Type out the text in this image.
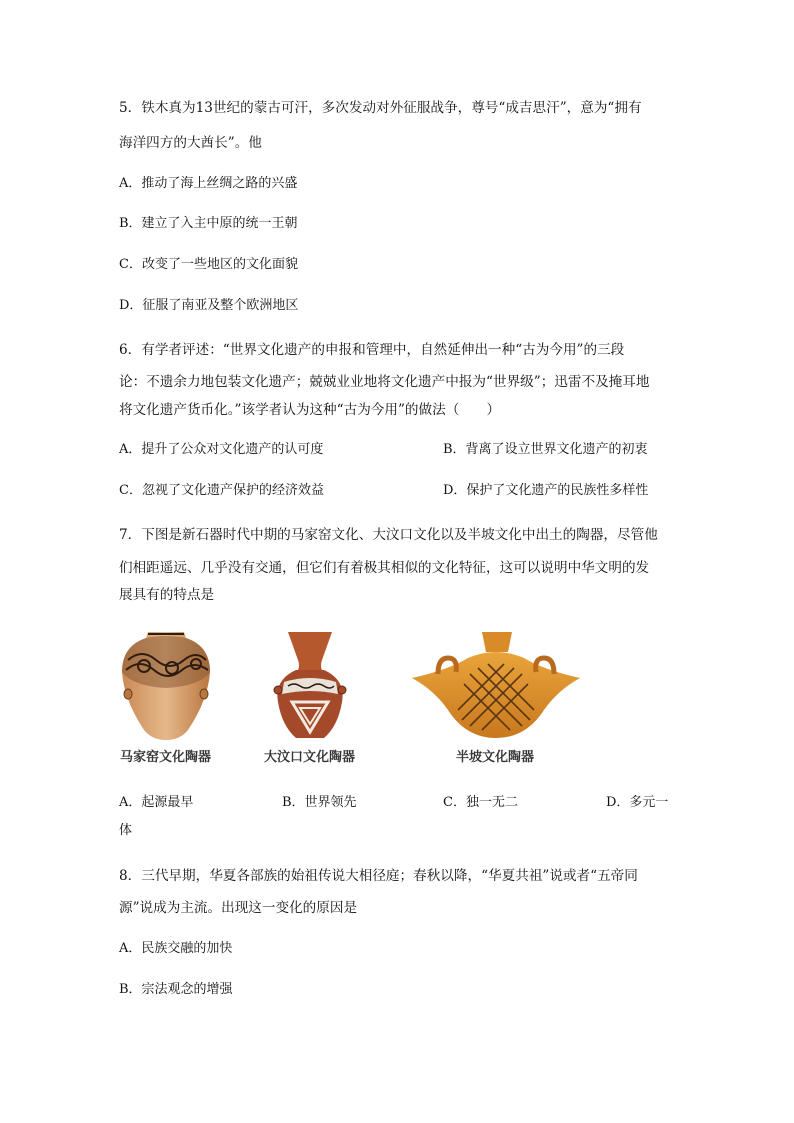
5．铁木真为13世纪的蒙古可汗，多次发动对外征服战争，尊号“成吉思汗”，意为“拥有
海洋四方的大酋长”。他
A．推动了海上丝绸之路的兴盛
B．建立了入主中原的统一王朝
C．改变了一些地区的文化面貌
D．征服了南亚及整个欧洲地区
6．有学者评述：“世界文化遗产的申报和管理中，自然延伸出一种“古为今用”的三段
论：不遗余力地包装文化遗产；兢兢业业地将文化遗产中报为“世界级”；迅雷不及掩耳地
将文化遗产货币化。”该学者认为这种“古为今用”的做法（　　）
A．提升了公众对文化遗产的认可度	B．背离了设立世界文化遗产的初衷
C．忽视了文化遗产保护的经济效益	D．保护了文化遗产的民族性多样性
7．下图是新石器时代中期的马家窑文化、大汶口文化以及半坡文化中出土的陶器，尽管他
们相距遥远、几乎没有交通，但它们有着极其相似的文化特征，这可以说明中华文明的发
展具有的特点是
马家窑文化陶器	大汶口文化陶器	半坡文化陶器
A．起源最早	B．世界领先	C．独一无二	D．多元一
体
8．三代早期，华夏各部族的始祖传说大相径庭；春秋以降，“华夏共祖”说或者“五帝同
源”说成为主流。出现这一变化的原因是
A．民族交融的加快
B．宗法观念的增强
